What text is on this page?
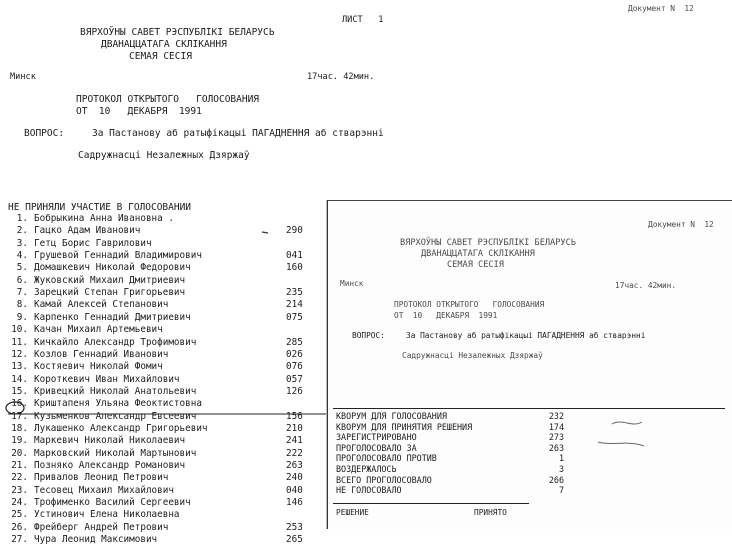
Документ N  12
ЛИСТ   1
ВЯРХОЎНЫ САВЕТ РЭСПУБЛІКІ БЕЛАРУСЬ
ДВАНАЦЦАТАГА СКЛІКАННЯ
СЕМАЯ СЕСІЯ
Минск	17час. 42мин.
ПРОТОКОЛ ОТКРЫТОГО   ГОЛОСОВАНИЯ
ОТ  10   ДЕКАБРЯ  1991
ВОПРОС:	За Пастанову аб ратыфікацыі ПАГАДНЕННЯ аб стварэнні
Садружнасці Незалежных Дзяржаў
НЕ ПРИНЯЛИ УЧАСТИЕ В ГОЛОСОВАНИИ
1. Бобрыкина Анна Ивановна .
2. Гацко Адам Иванович	290
3. Гетц Борис Гаврилович
4. Грушевой Геннадий Владимирович	041
5. Домашкевич Николай Федорович	160
6. Жуковский Михаил Дмитриевич
7. Зарецкий Степан Григорьевич	235
8. Камай Алексей Степанович	214
9. Карпенко Геннадий Дмитриевич	075
10. Качан Михаил Артемьевич
11. Кичкайло Александр Трофимович	285
12. Козлов Геннадий Иванович	026
13. Костяевич Николай Фомич	076
14. Короткевич Иван Михайлович	057
15. Кривецкий Николай Анатольевич	126
16. Криштапеня Ульяна Феоктистовна
17. Кузьменков Александр Евсеевич	156
18. Лукашенко Александр Григорьевич	210
19. Маркевич Николай Николаевич	241
20. Марковский Николай Мартынович	222
21. Позняко Александр Романович	263
22. Привалов Леонид Петрович	240
23. Тесовец Михаил Михайлович	040
24. Трофименко Василий Сергеевич	146
25. Устинович Елена Николаевна
26. Фрейберг Андрей Петрович	253
27. Чура Леонид Максимович	265
Документ N  12
ВЯРХОЎНЫ САВЕТ РЭСПУБЛІКІ БЕЛАРУСЬ
ДВАНАЦЦАТАГА СКЛІКАННЯ
СЕМАЯ СЕСІЯ
Минск	17час. 42мин.
ПРОТОКОЛ ОТКРЫТОГО   ГОЛОСОВАНИЯ
ОТ  10   ДЕКАБРЯ  1991
ВОПРОС:	За Пастанову аб ратыфікацыі ПАГАДНЕННЯ аб стварэнні
Садружнасці Незалежных Дзяржаў
КВОРУМ ДЛЯ ГОЛОСОВАНИЯ	232
КВОРУМ ДЛЯ ПРИНЯТИЯ РЕШЕНИЯ	174
ЗАРЕГИСТРИРОВАНО	273
ПРОГОЛОСОВАЛО ЗА	263
ПРОГОЛОСОВАЛО ПРОТИВ	1
ВОЗДЕРЖАЛОСЬ	3
ВСЕГО ПРОГОЛОСОВАЛО	266
НЕ ГОЛОСОВАЛО	7
РЕШЕНИЕ	ПРИНЯТО
